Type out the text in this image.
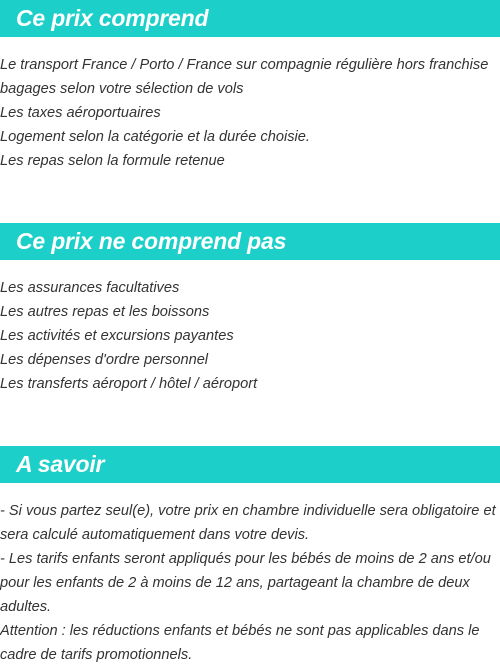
Ce prix comprend
Le transport France / Porto / France sur compagnie régulière hors franchise
bagages selon votre sélection de vols
Les taxes aéroportuaires
Logement selon la catégorie et la durée choisie.
Les repas selon la formule retenue
Ce prix ne comprend pas
Les assurances facultatives
Les autres repas et les boissons
Les activités et excursions payantes
Les dépenses d'ordre personnel
Les transferts aéroport / hôtel / aéroport
A savoir

- Si vous partez seul(e), votre prix en chambre individuelle sera obligatoire et sera calculé automatiquement dans votre devis.

- Les tarifs enfants seront appliqués pour les bébés de moins de 2 ans et/ou pour les enfants de 2 à moins de 12 ans, partageant la chambre de deux adultes.

Attention : les réductions enfants et bébés ne sont pas applicables dans le cadre de tarifs promotionnels.
